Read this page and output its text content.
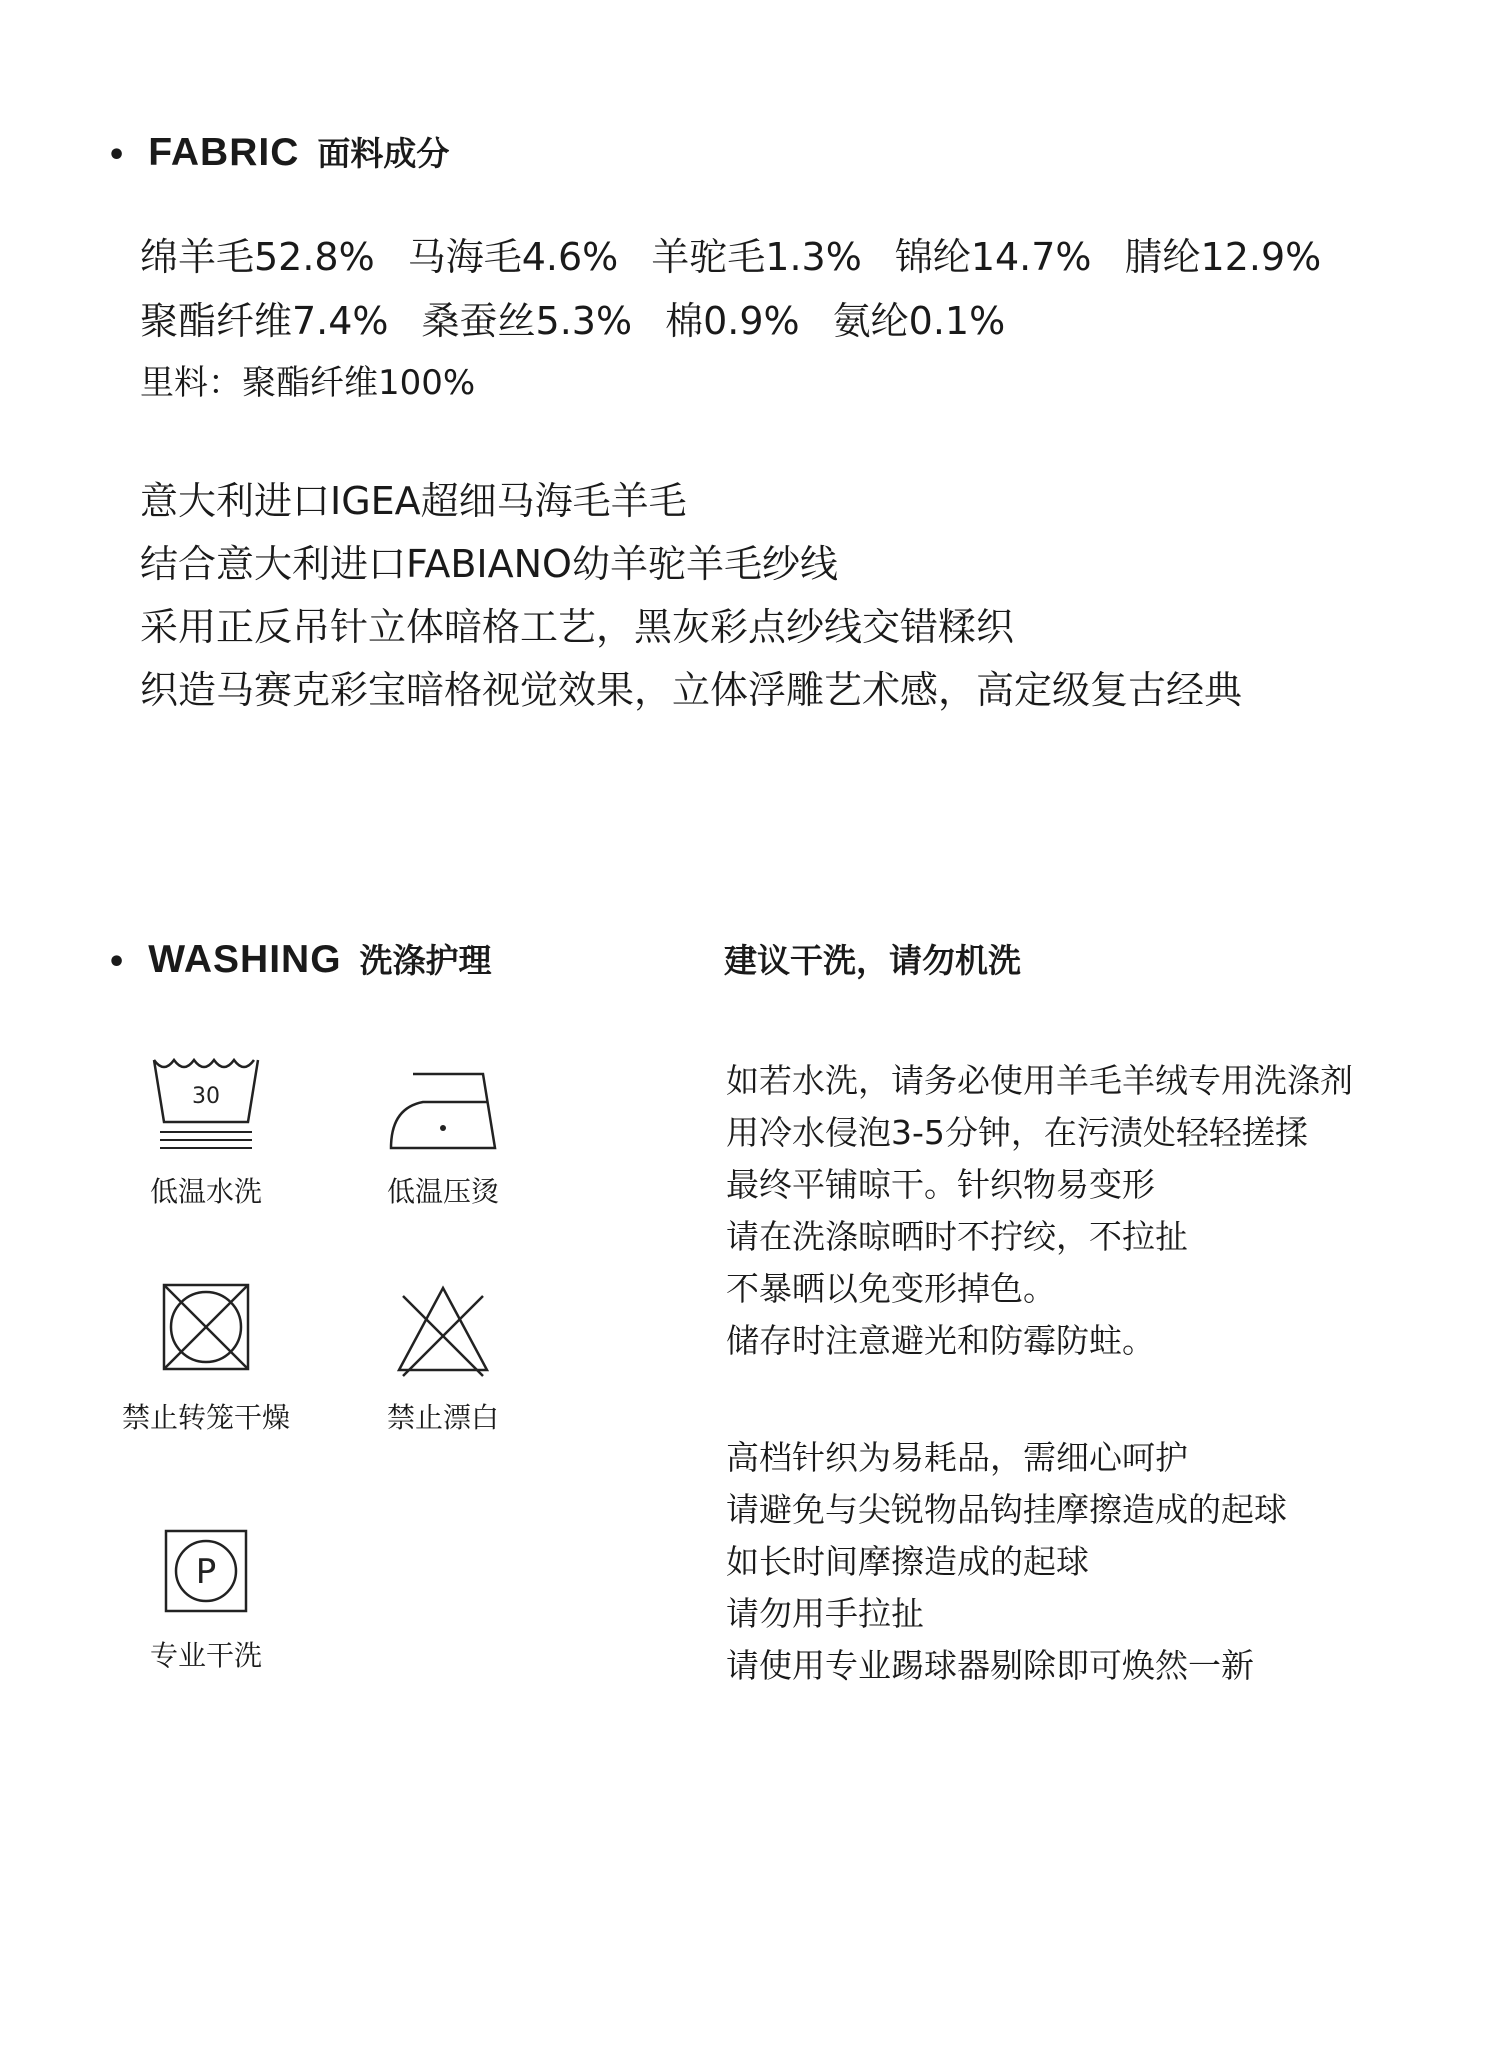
• FABRIC 面料成分
绵羊毛52.8% 马海毛4.6% 羊驼毛1.3% 锦纶14.7% 腈纶12.9%
聚酯纤维7.4% 桑蚕丝5.3% 棉0.9% 氨纶0.1%
里料：聚酯纤维100%
意大利进口IGEA超细马海毛羊毛
结合意大利进口FABIANO幼羊驼羊毛纱线
采用正反吊针立体暗格工艺，黑灰彩点纱线交错糅织
织造马赛克彩宝暗格视觉效果，立体浮雕艺术感，高定级复古经典
• WASHING 洗涤护理	建议干洗，请勿机洗
30
低温水洗	低温压烫
禁止转笼干燥	禁止漂白
P
专业干洗
如若水洗，请务必使用羊毛羊绒专用洗涤剂
用冷水侵泡3-5分钟，在污渍处轻轻搓揉
最终平铺晾干。针织物易变形
请在洗涤晾晒时不拧绞，不拉扯
不暴晒以免变形掉色。
储存时注意避光和防霉防蛀。
高档针织为易耗品，需细心呵护
请避免与尖锐物品钩挂摩擦造成的起球
如长时间摩擦造成的起球
请勿用手拉扯
请使用专业踢球器剔除即可焕然一新
